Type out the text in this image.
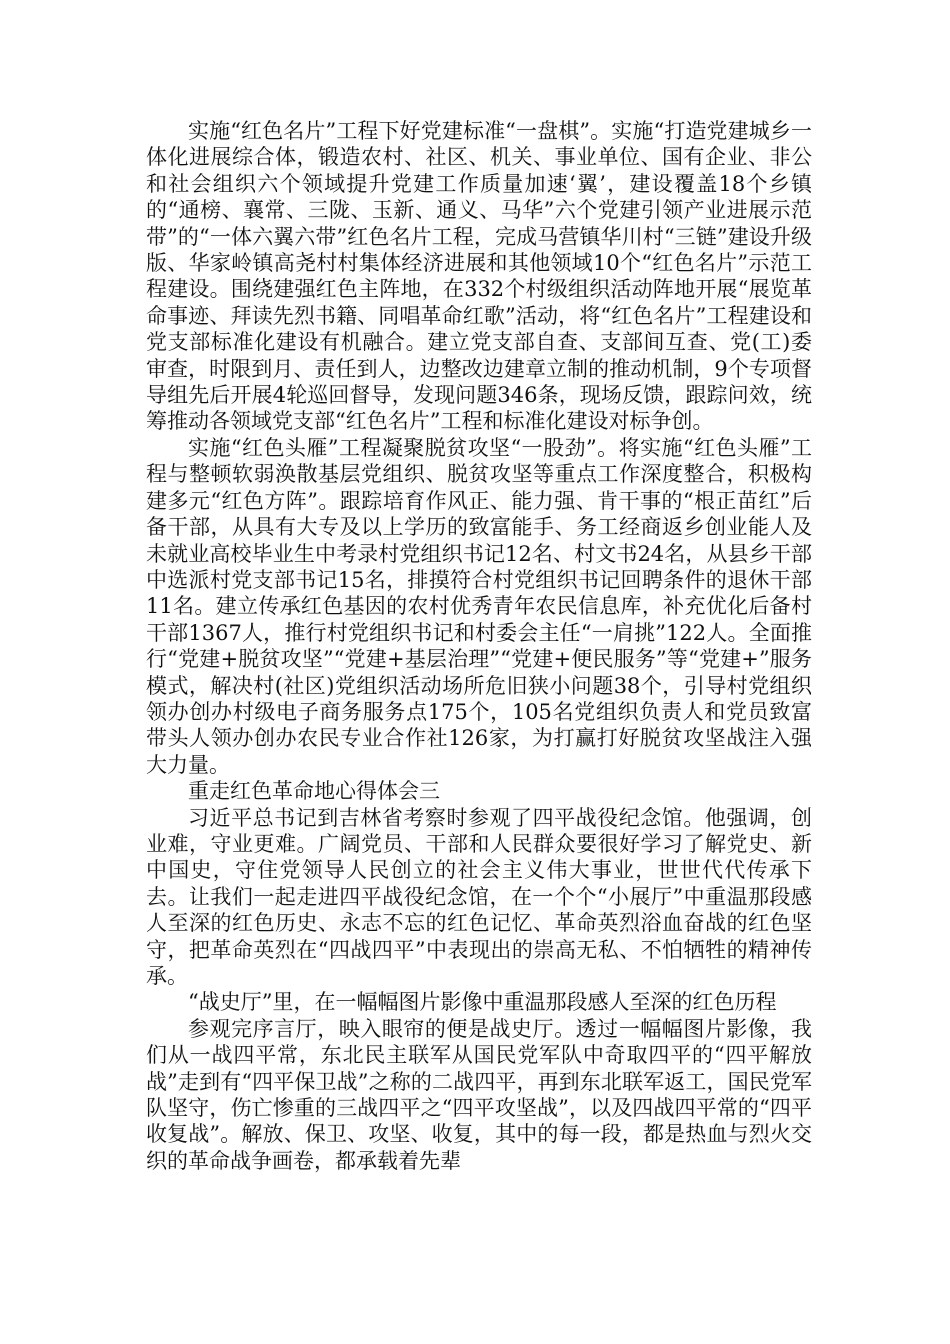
实施“红色名片”工程下好党建标准“一盘棋”。实施“打造党建城乡一体化进展综合体，锻造农村、社区、机关、事业单位、国有企业、非公和社会组织六个领域提升党建工作质量加速‘翼’，建设覆盖18个乡镇的“通榜、襄常、三陇、玉新、通义、马华”六个党建引领产业进展示范带”的“一体六翼六带”红色名片工程，完成马营镇华川村“三链”建设升级版、华家岭镇高尧村村集体经济进展和其他领域10个“红色名片”示范工程建设。围绕建强红色主阵地，在332个村级组织活动阵地开展“展览革命事迹、拜读先烈书籍、同唱革命红歌”活动，将“红色名片”工程建设和党支部标准化建设有机融合。建立党支部自查、支部间互查、党(工)委审查，时限到月、责任到人，边整改边建章立制的推动机制，9个专项督导组先后开展4轮巡回督导，发现问题346条，现场反馈，跟踪问效，统筹推动各领域党支部“红色名片”工程和标准化建设对标争创。

实施“红色头雁”工程凝聚脱贫攻坚“一股劲”。将实施“红色头雁”工程与整顿软弱涣散基层党组织、脱贫攻坚等重点工作深度整合，积极构建多元“红色方阵”。跟踪培育作风正、能力强、肯干事的“根正苗红”后备干部，从具有大专及以上学历的致富能手、务工经商返乡创业能人及未就业高校毕业生中考录村党组织书记12名、村文书24名，从县乡干部中选派村党支部书记15名，排摸符合村党组织书记回聘条件的退休干部11名。建立传承红色基因的农村优秀青年农民信息库，补充优化后备村干部1367人，推行村党组织书记和村委会主任“一肩挑”122人。全面推行“党建+脱贫攻坚”“党建+基层治理”“党建+便民服务”等“党建+”服务模式，解决村(社区)党组织活动场所危旧狭小问题38个，引导村党组织领办创办村级电子商务服务点175个，105名党组织负责人和党员致富带头人领办创办农民专业合作社126家，为打赢打好脱贫攻坚战注入强大力量。

重走红色革命地心得体会三

习近平总书记到吉林省考察时参观了四平战役纪念馆。他强调，创业难，守业更难。广阔党员、干部和人民群众要很好学习了解党史、新中国史，守住党领导人民创立的社会主义伟大事业，世世代代传承下去。让我们一起走进四平战役纪念馆，在一个个“小展厅”中重温那段感人至深的红色历史、永志不忘的红色记忆、革命英烈浴血奋战的红色坚守，把革命英烈在“四战四平”中表现出的崇高无私、不怕牺牲的精神传承。

“战史厅”里，在一幅幅图片影像中重温那段感人至深的红色历程

参观完序言厅，映入眼帘的便是战史厅。透过一幅幅图片影像，我们从一战四平常，东北民主联军从国民党军队中奇取四平的“四平解放战”走到有“四平保卫战”之称的二战四平，再到东北联军返工，国民党军队坚守，伤亡惨重的三战四平之“四平攻坚战”，以及四战四平常的“四平收复战”。解放、保卫、攻坚、收复，其中的每一段，都是热血与烈火交织的革命战争画卷，都承载着先辈
